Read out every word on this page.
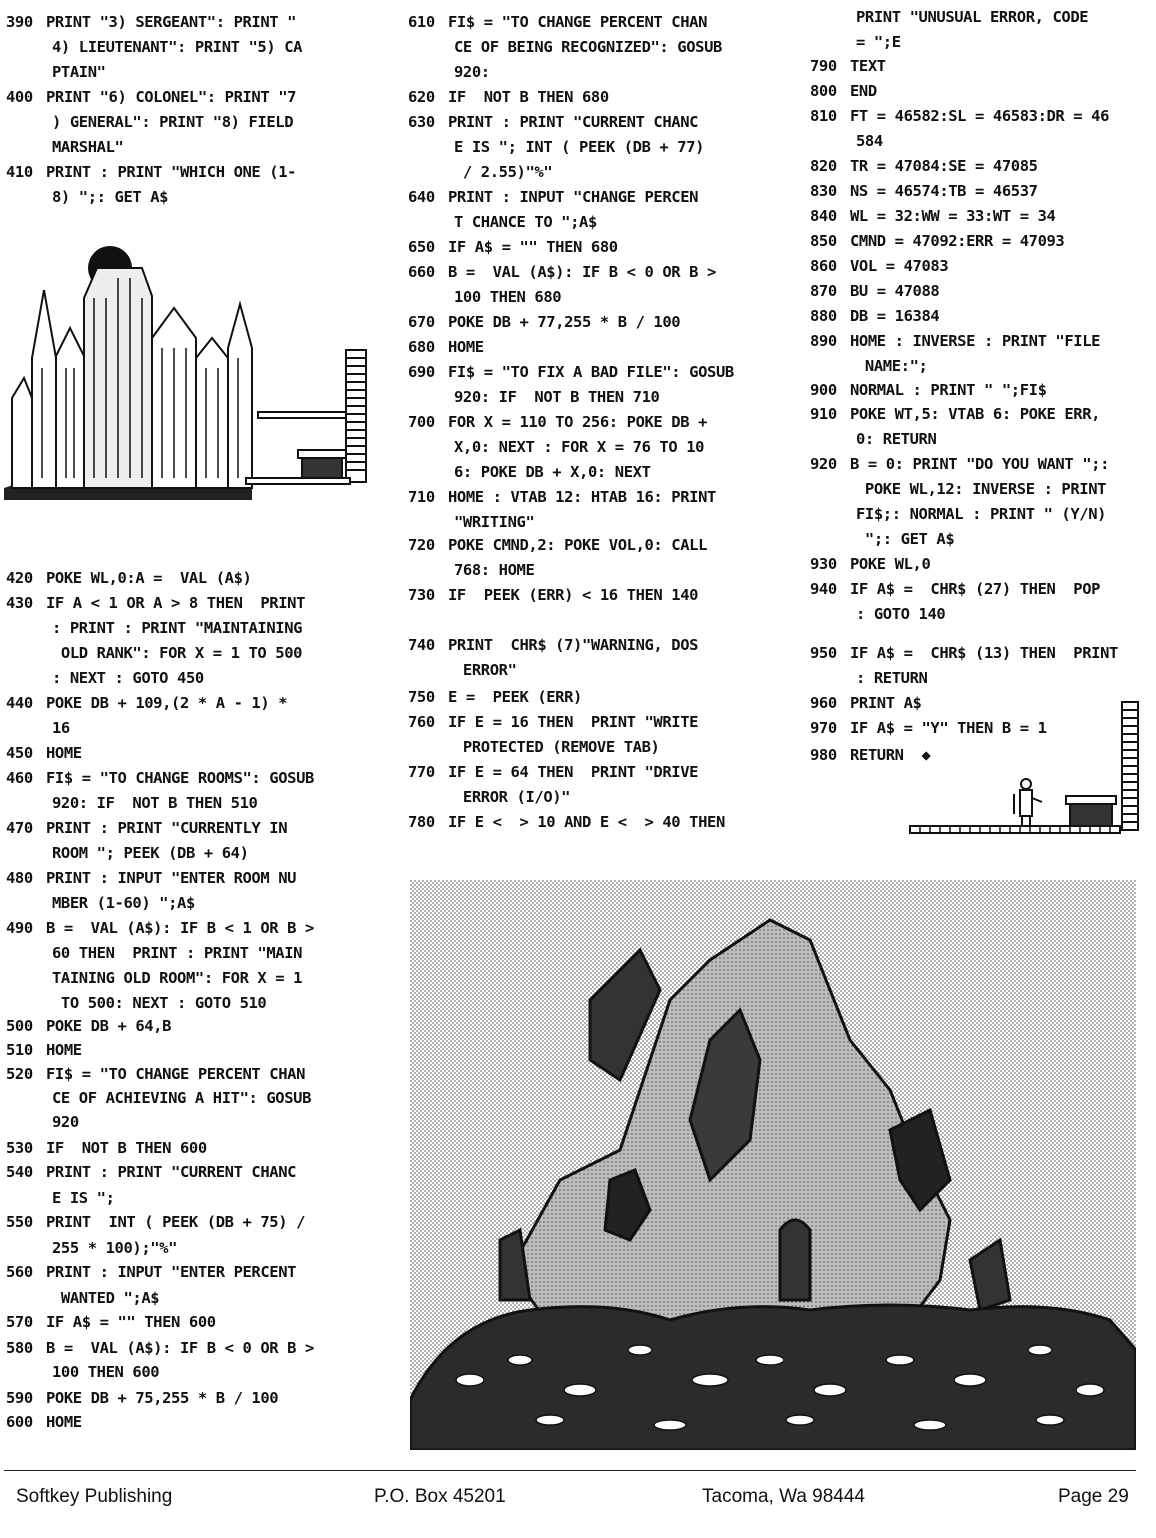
390 PRINT "3) SERGEANT": PRINT "
4) LIEUTENANT": PRINT "5) CA
PTAIN"
400 PRINT "6) COLONEL": PRINT "7
) GENERAL": PRINT "8) FIELD
MARSHAL"
410 PRINT : PRINT "WHICH ONE (1-
8) ";: GET A$
420 POKE WL,0:A =  VAL (A$)
430 IF A < 1 OR A > 8 THEN  PRINT
: PRINT : PRINT "MAINTAINING
OLD RANK": FOR X = 1 TO 500
: NEXT : GOTO 450
440 POKE DB + 109,(2 * A - 1) *
16
450 HOME
460 FI$ = "TO CHANGE ROOMS": GOSUB
920: IF  NOT B THEN 510
470 PRINT : PRINT "CURRENTLY IN
ROOM "; PEEK (DB + 64)
480 PRINT : INPUT "ENTER ROOM NU
MBER (1-60) ";A$
490 B =  VAL (A$): IF B < 1 OR B >
60 THEN  PRINT : PRINT "MAIN
TAINING OLD ROOM": FOR X = 1
TO 500: NEXT : GOTO 510
500 POKE DB + 64,B
510 HOME
520 FI$ = "TO CHANGE PERCENT CHAN
CE OF ACHIEVING A HIT": GOSUB
920
530 IF  NOT B THEN 600
540 PRINT : PRINT "CURRENT CHANC
E IS ";
550 PRINT  INT ( PEEK (DB + 75) /
255 * 100);"%"
560 PRINT : INPUT "ENTER PERCENT
WANTED ";A$
570 IF A$ = "" THEN 600
580 B =  VAL (A$): IF B < 0 OR B >
100 THEN 600
590 POKE DB + 75,255 * B / 100
600 HOME
610 FI$ = "TO CHANGE PERCENT CHAN
CE OF BEING RECOGNIZED": GOSUB
920:
620 IF  NOT B THEN 680
630 PRINT : PRINT "CURRENT CHANC
E IS "; INT ( PEEK (DB + 77)
/ 2.55)"%"
640 PRINT : INPUT "CHANGE PERCEN
T CHANCE TO ";A$
650 IF A$ = "" THEN 680
660 B =  VAL (A$): IF B < 0 OR B >
100 THEN 680
670 POKE DB + 77,255 * B / 100
680 HOME
690 FI$ = "TO FIX A BAD FILE": GOSUB
920: IF  NOT B THEN 710
700 FOR X = 110 TO 256: POKE DB +
X,0: NEXT : FOR X = 76 TO 10
6: POKE DB + X,0: NEXT
710 HOME : VTAB 12: HTAB 16: PRINT
"WRITING"
720 POKE CMND,2: POKE VOL,0: CALL
768: HOME
730 IF  PEEK (ERR) < 16 THEN 140
740 PRINT  CHR$ (7)"WARNING, DOS
ERROR"
750 E =  PEEK (ERR)
760 IF E = 16 THEN  PRINT "WRITE
PROTECTED (REMOVE TAB)
770 IF E = 64 THEN  PRINT "DRIVE
ERROR (I/O)"
780 IF E <  > 10 AND E <  > 40 THEN
PRINT "UNUSUAL ERROR, CODE
= ";E
790 TEXT
800 END
810 FT = 46582:SL = 46583:DR = 46
584
820 TR = 47084:SE = 47085
830 NS = 46574:TB = 46537
840 WL = 32:WW = 33:WT = 34
850 CMND = 47092:ERR = 47093
860 VOL = 47083
870 BU = 47088
880 DB = 16384
890 HOME : INVERSE : PRINT "FILE
NAME:";
900 NORMAL : PRINT " ";FI$
910 POKE WT,5: VTAB 6: POKE ERR,
0: RETURN
920 B = 0: PRINT "DO YOU WANT ";:
POKE WL,12: INVERSE : PRINT
FI$;: NORMAL : PRINT " (Y/N)
";: GET A$
930 POKE WL,0
940 IF A$ =  CHR$ (27) THEN  POP
: GOTO 140
950 IF A$ =  CHR$ (13) THEN  PRINT
: RETURN
960 PRINT A$
970 IF A$ = "Y" THEN B = 1
980 RETURN  ◆
Softkey Publishing	P.O. Box 45201	Tacoma, Wa 98444	Page 29
